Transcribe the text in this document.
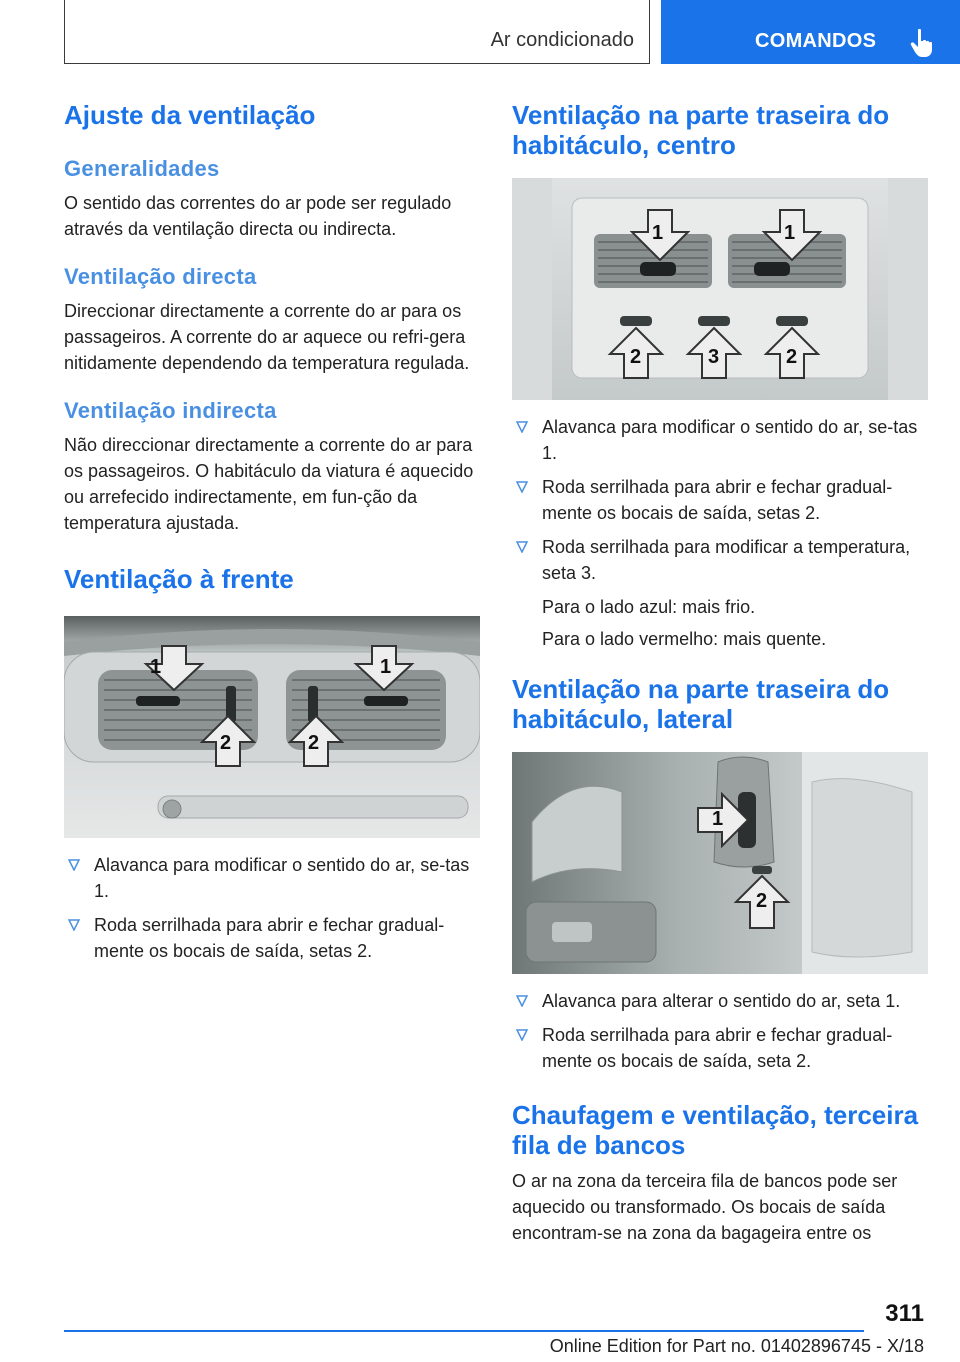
Ar condicionado	COMANDOS
Ajuste da ventilação
Generalidades

O sentido das correntes do ar pode ser regulado através da ventilação directa ou indirecta.

Ventilação directa

Direccionar directamente a corrente do ar para os passageiros. A corrente do ar aquece ou refri-gera nitidamente dependendo da temperatura regulada.

Ventilação indirecta

Não direccionar directamente a corrente do ar para os passageiros. O habitáculo da viatura é aquecido ou arrefecido indirectamente, em fun-ção da temperatura ajustada.

Ventilação à frente
1	1
2	2
Alavanca para modificar o sentido do ar, se-tas 1.
Roda serrilhada para abrir e fechar gradual-mente os bocais de saída, setas 2.
Ventilação na parte traseira do habitáculo, centro
1	1
2	3	2
Alavanca para modificar o sentido do ar, se-tas 1.
Roda serrilhada para abrir e fechar gradual-mente os bocais de saída, setas 2.
Roda serrilhada para modificar a temperatura, seta 3.

Para o lado azul: mais frio.

Para o lado vermelho: mais quente.

Ventilação na parte traseira do habitáculo, lateral
1
2
Alavanca para alterar o sentido do ar, seta 1.
Roda serrilhada para abrir e fechar gradual-mente os bocais de saída, seta 2.
Chaufagem e ventilação, terceira fila de bancos

O ar na zona da terceira fila de bancos pode ser aquecido ou transformado. Os bocais de saída encontram-se na zona da bagageira entre os

311
Online Edition for Part no. 01402896745 - X/18
